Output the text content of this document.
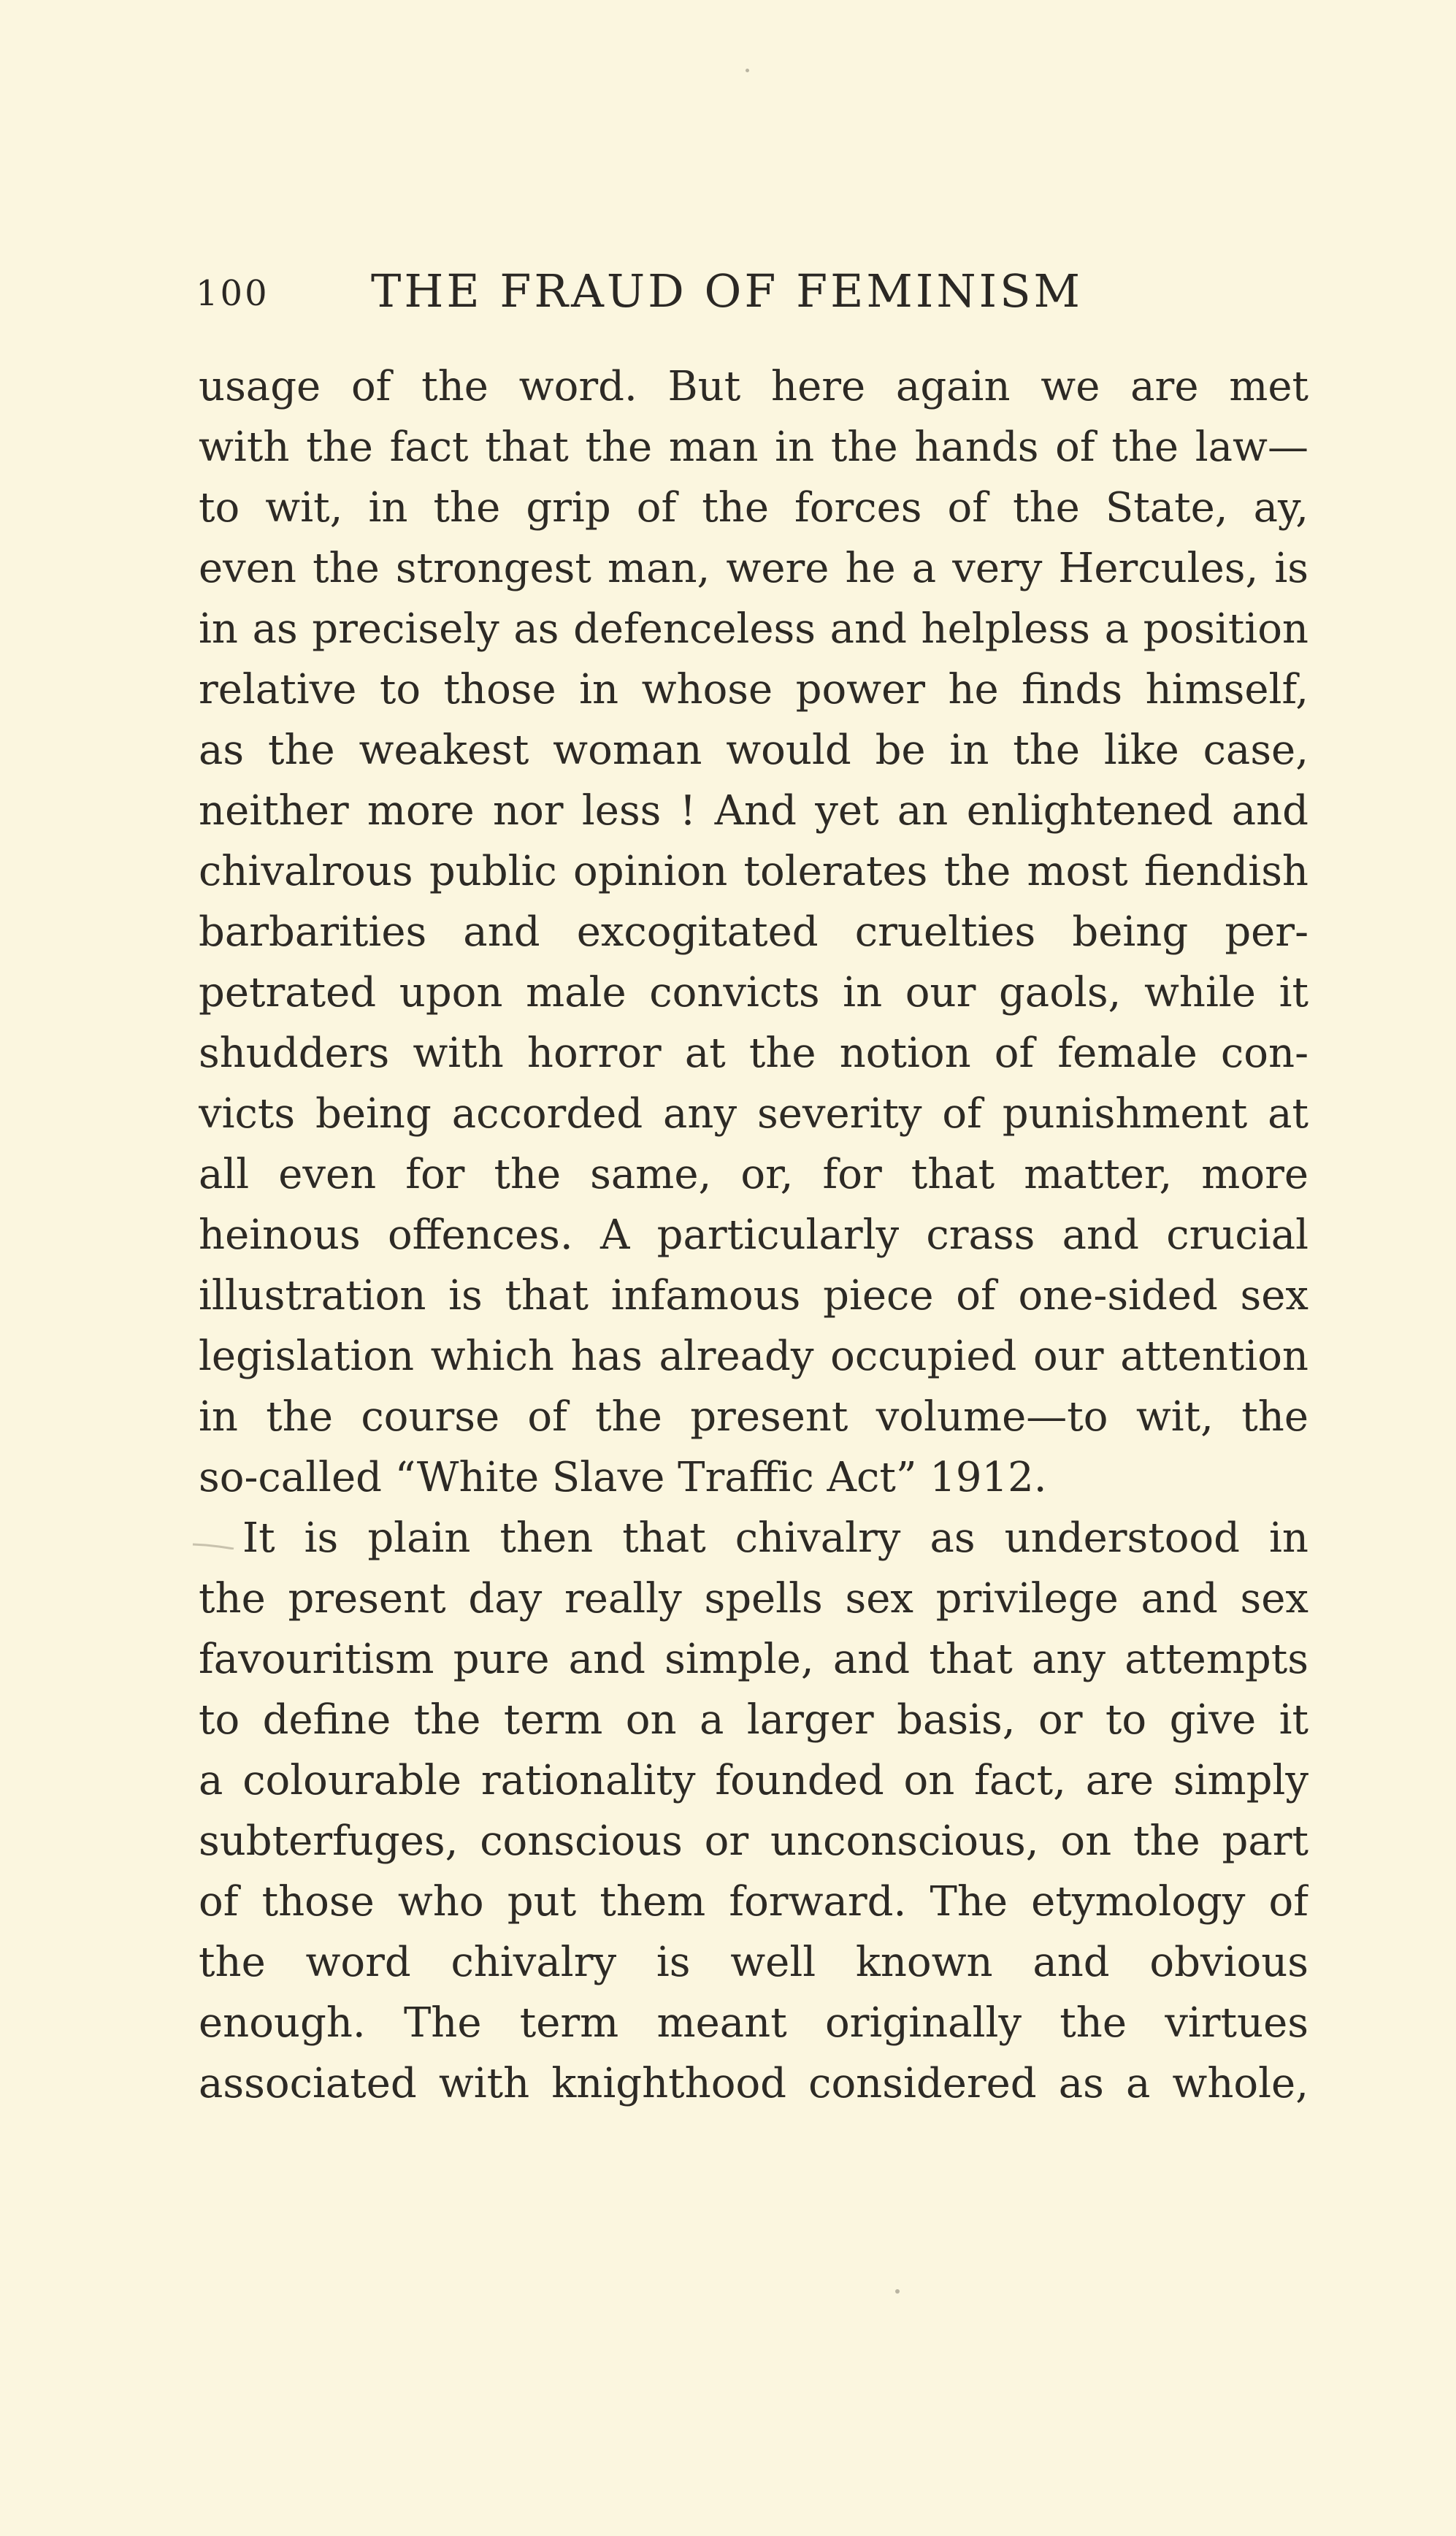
100 THE FRAUD OF FEMINISM
usage of the word. But here again we are met
with the fact that the man in the hands of the law—
to wit, in the grip of the forces of the State, ay,
even the strongest man, were he a very Hercules, is
in as precisely as defenceless and helpless a position
relative to those in whose power he finds himself,
as the weakest woman would be in the like case,
neither more nor less ! And yet an enlightened and
chivalrous public opinion tolerates the most fiendish
barbarities and excogitated cruelties being per-
petrated upon male convicts in our gaols, while it
shudders with horror at the notion of female con-
victs being accorded any severity of punishment at
all even for the same, or, for that matter, more
heinous offences. A particularly crass and crucial
illustration is that infamous piece of one-sided sex
legislation which has already occupied our attention
in the course of the present volume—to wit, the
so-called “White Slave Traffic Act” 1912.
It is plain then that chivalry as understood in
the present day really spells sex privilege and sex
favouritism pure and simple, and that any attempts
to define the term on a larger basis, or to give it
a colourable rationality founded on fact, are simply
subterfuges, conscious or unconscious, on the part
of those who put them forward. The etymology of
the word chivalry is well known and obvious
enough. The term meant originally the virtues
associated with knighthood considered as a whole,
